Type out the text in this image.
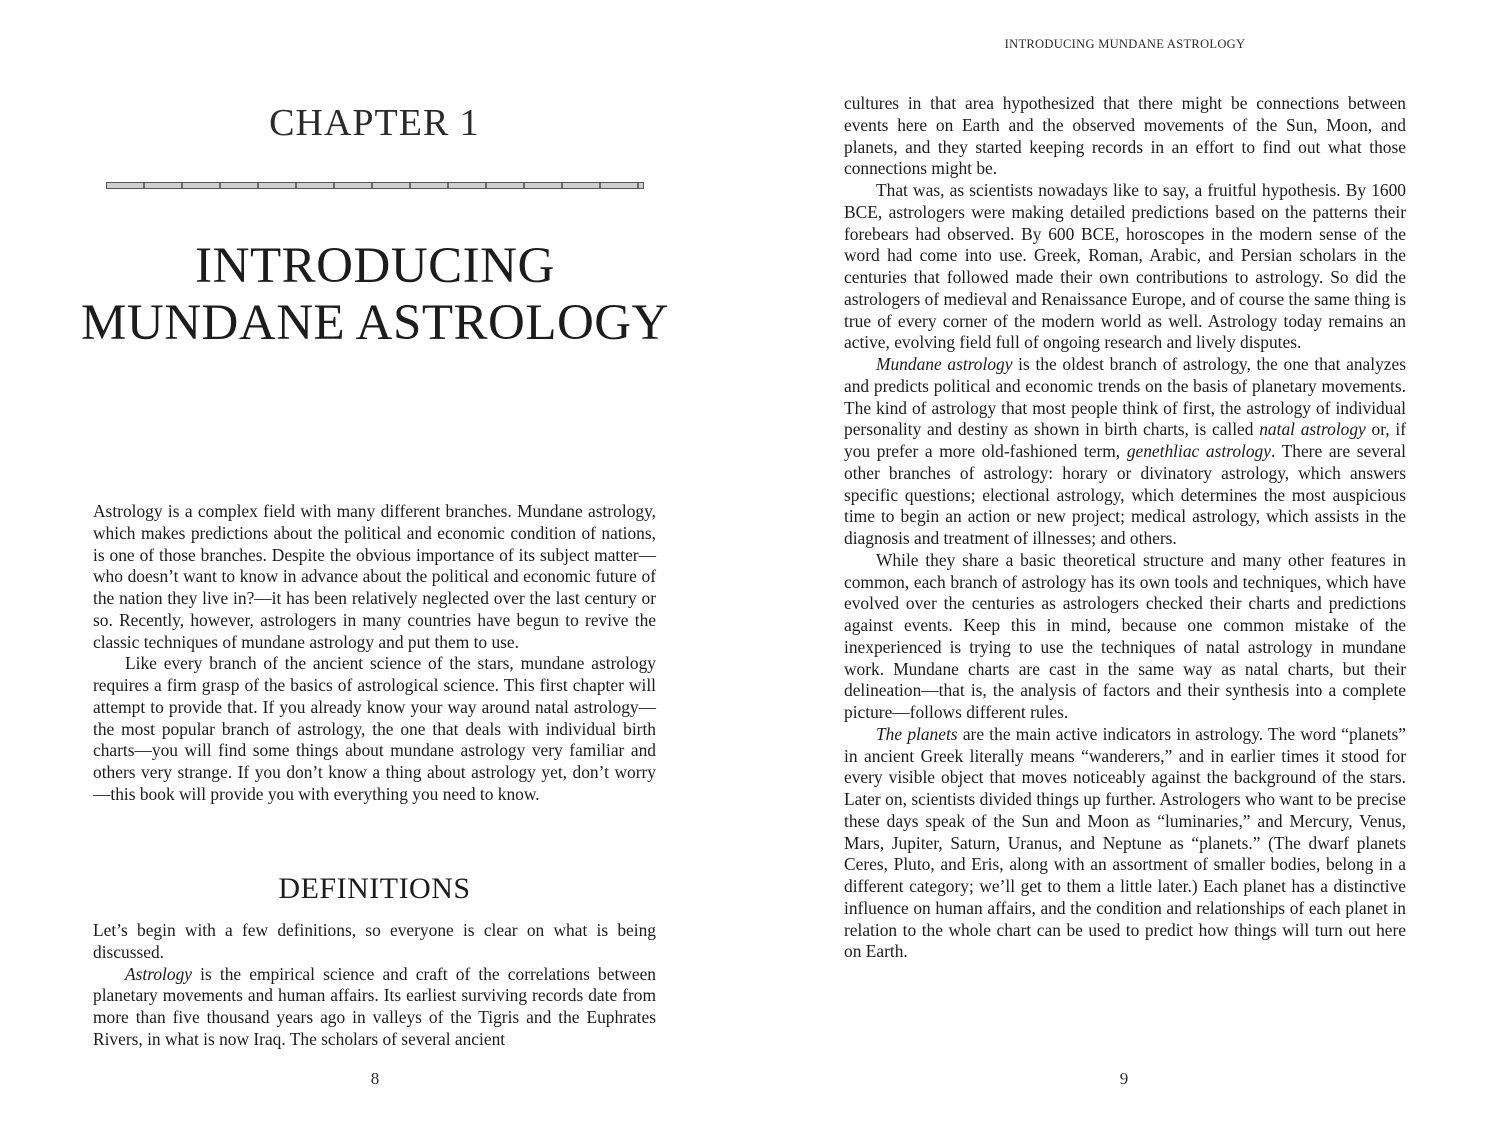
CHAPTER 1
INTRODUCING
MUNDANE ASTROLOGY

Astrology is a complex field with many different branches. Mundane astrology, which makes predictions about the political and economic condition of nations, is one of those branches. Despite the obvious importance of its subject matter—who doesn’t want to know in advance about the political and economic future of the nation they live in?—it has been relatively neglected over the last century or so. Recently, however, astrologers in many countries have begun to revive the classic techniques of mundane astrology and put them to use.

Like every branch of the ancient science of the stars, mundane astrology requires a firm grasp of the basics of astrological science. This first chapter will attempt to provide that. If you already know your way around natal astrology—the most popular branch of astrology, the one that deals with individual birth charts—you will find some things about mundane astrology very familiar and others very strange. If you don’t know a thing about astrology yet, don’t worry—this book will provide you with everything you need to know.

DEFINITIONS

Let’s begin with a few definitions, so everyone is clear on what is being discussed.

Astrology is the empirical science and craft of the correlations between planetary movements and human affairs. Its earliest surviving records date from more than five thousand years ago in valleys of the Tigris and the Euphrates Rivers, in what is now Iraq. The scholars of several ancient

8
INTRODUCING MUNDANE ASTROLOGY

cultures in that area hypothesized that there might be connections between events here on Earth and the observed movements of the Sun, Moon, and planets, and they started keeping records in an effort to find out what those connections might be.

That was, as scientists nowadays like to say, a fruitful hypothesis. By 1600 BCE, astrologers were making detailed predictions based on the patterns their forebears had observed. By 600 BCE, horoscopes in the modern sense of the word had come into use. Greek, Roman, Arabic, and Persian scholars in the centuries that followed made their own contributions to astrology. So did the astrologers of medieval and Renaissance Europe, and of course the same thing is true of every corner of the modern world as well. Astrology today remains an active, evolving field full of ongoing research and lively disputes.

Mundane astrology is the oldest branch of astrology, the one that analyzes and predicts political and economic trends on the basis of planetary movements. The kind of astrology that most people think of first, the astrology of individual personality and destiny as shown in birth charts, is called natal astrology or, if you prefer a more old-fashioned term, genethliac astrology. There are several other branches of astrology: horary or divinatory astrology, which answers specific questions; electional astrology, which determines the most auspicious time to begin an action or new project; medical astrology, which assists in the diagnosis and treatment of illnesses; and others.

While they share a basic theoretical structure and many other features in common, each branch of astrology has its own tools and techniques, which have evolved over the centuries as astrologers checked their charts and predictions against events. Keep this in mind, because one common mistake of the inexperienced is trying to use the techniques of natal astrology in mundane work. Mundane charts are cast in the same way as natal charts, but their delineation—that is, the analysis of factors and their synthesis into a complete picture—follows different rules.

The planets are the main active indicators in astrology. The word “planets” in ancient Greek literally means “wanderers,” and in earlier times it stood for every visible object that moves noticeably against the background of the stars. Later on, scientists divided things up further. Astrologers who want to be precise these days speak of the Sun and Moon as “luminaries,” and Mercury, Venus, Mars, Jupiter, Saturn, Uranus, and Neptune as “planets.” (The dwarf planets Ceres, Pluto, and Eris, along with an assortment of smaller bodies, belong in a different category; we’ll get to them a little later.) Each planet has a distinctive influence on human affairs, and the condition and relationships of each planet in relation to the whole chart can be used to predict how things will turn out here on Earth.

9
